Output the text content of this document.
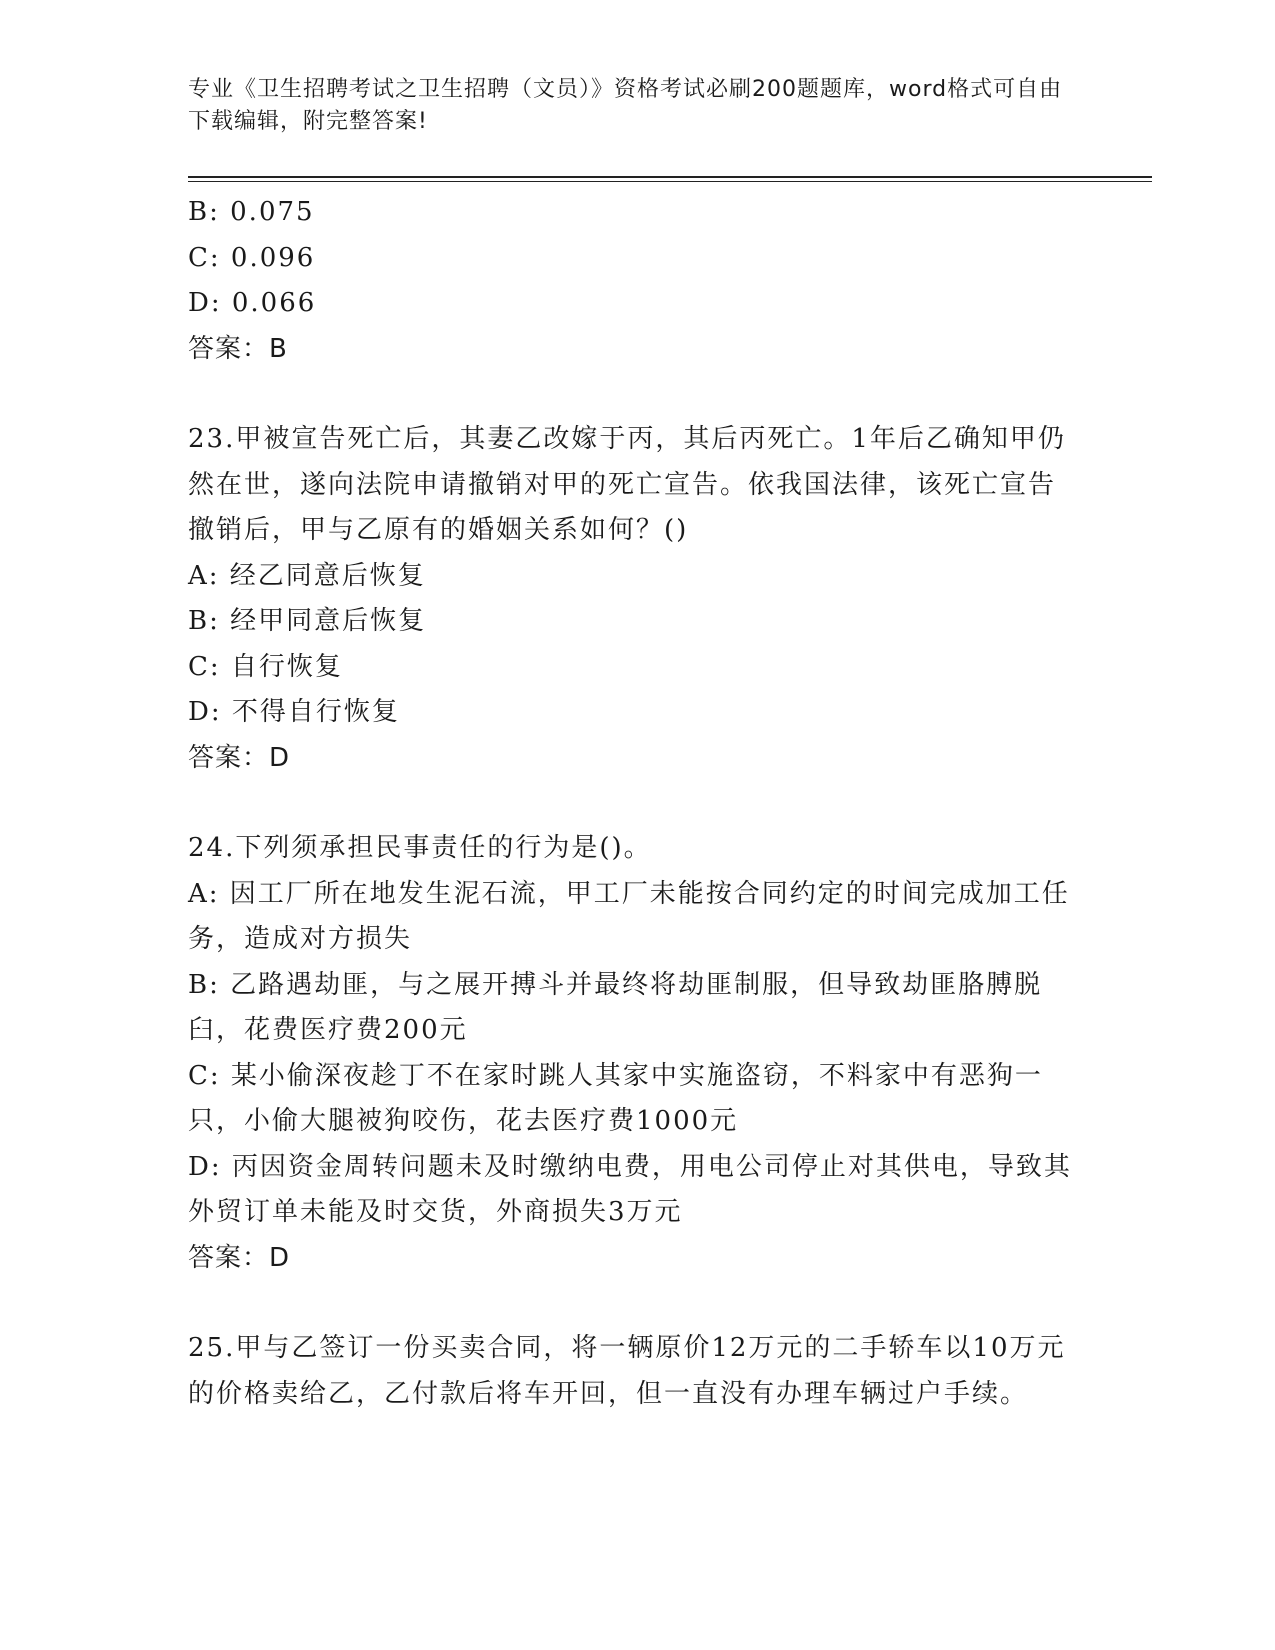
专业《卫生招聘考试之卫生招聘（文员）》资格考试必刷200题题库，word格式可自由下载编辑，附完整答案!
B: 0.075
C: 0.096
D: 0.066
答案：B
23.甲被宣告死亡后，其妻乙改嫁于丙，其后丙死亡。1年后乙确知甲仍然在世，遂向法院申请撤销对甲的死亡宣告。依我国法律，该死亡宣告撤销后，甲与乙原有的婚姻关系如何？()
A: 经乙同意后恢复
B: 经甲同意后恢复
C: 自行恢复
D: 不得自行恢复
答案：D
24.下列须承担民事责任的行为是()。
A: 因工厂所在地发生泥石流，甲工厂未能按合同约定的时间完成加工任务，造成对方损失
B: 乙路遇劫匪，与之展开搏斗并最终将劫匪制服，但导致劫匪胳膊脱臼，花费医疗费200元
C: 某小偷深夜趁丁不在家时跳人其家中实施盗窃，不料家中有恶狗一只，小偷大腿被狗咬伤，花去医疗费1000元
D: 丙因资金周转问题未及时缴纳电费，用电公司停止对其供电，导致其外贸订单未能及时交货，外商损失3万元
答案：D
25.甲与乙签订一份买卖合同，将一辆原价12万元的二手轿车以10万元的价格卖给乙，乙付款后将车开回，但一直没有办理车辆过户手续。
